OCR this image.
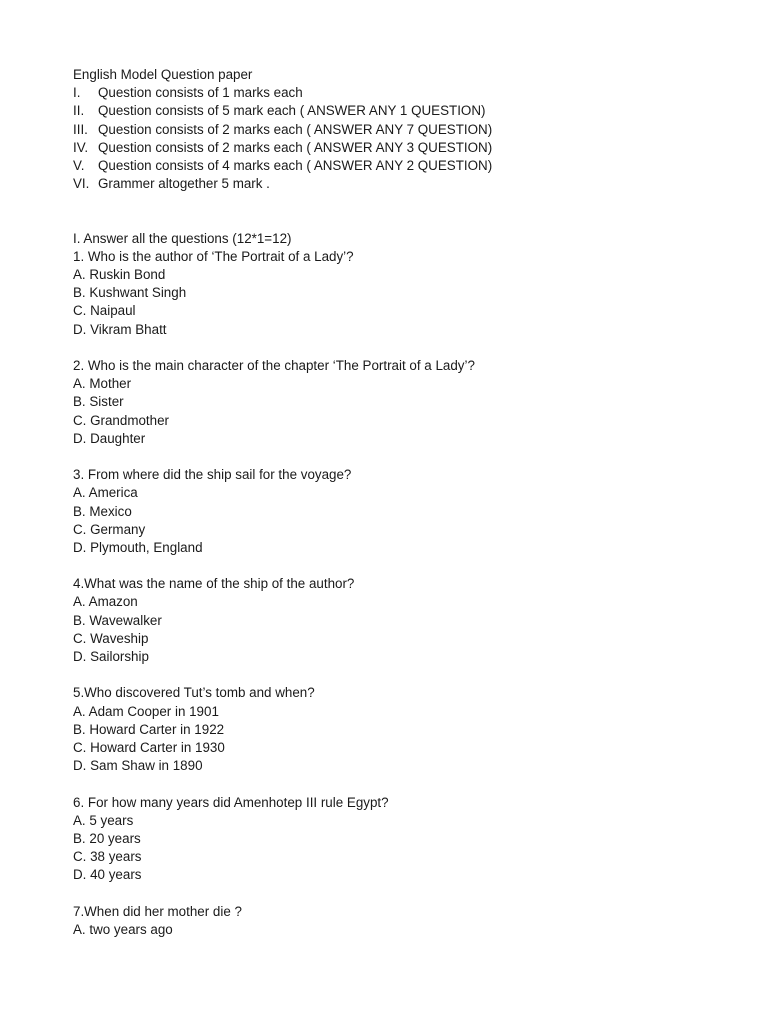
English Model Question paper
I.	Question consists of 1 marks each
II.	Question consists of 5 mark each ( ANSWER ANY 1 QUESTION)
III. Question consists of 2 marks each ( ANSWER ANY 7 QUESTION)
IV. Question consists of 2 marks each ( ANSWER ANY 3 QUESTION)
V.	Question consists of 4 marks each ( ANSWER ANY 2 QUESTION)
VI. Grammer altogether 5 mark .
I. Answer all the questions (12*1=12)
1. Who is the author of ‘The Portrait of a Lady’?
A. Ruskin Bond
B. Kushwant Singh
C. Naipaul
D. Vikram Bhatt
2. Who is the main character of the chapter ‘The Portrait of a Lady’?
A. Mother
B. Sister
C. Grandmother
D. Daughter
3. From where did the ship sail for the voyage?
A. America
B. Mexico
C. Germany
D. Plymouth, England
4.What was the name of the ship of the author?
A. Amazon
B. Wavewalker
C. Waveship
D. Sailorship
5.Who discovered Tut’s tomb and when?
A. Adam Cooper in 1901
B. Howard Carter in 1922
C. Howard Carter in 1930
D. Sam Shaw in 1890
6. For how many years did Amenhotep III rule Egypt?
A. 5 years
B. 20 years
C. 38 years
D. 40 years
7.When did her mother die ?
A. two years ago
